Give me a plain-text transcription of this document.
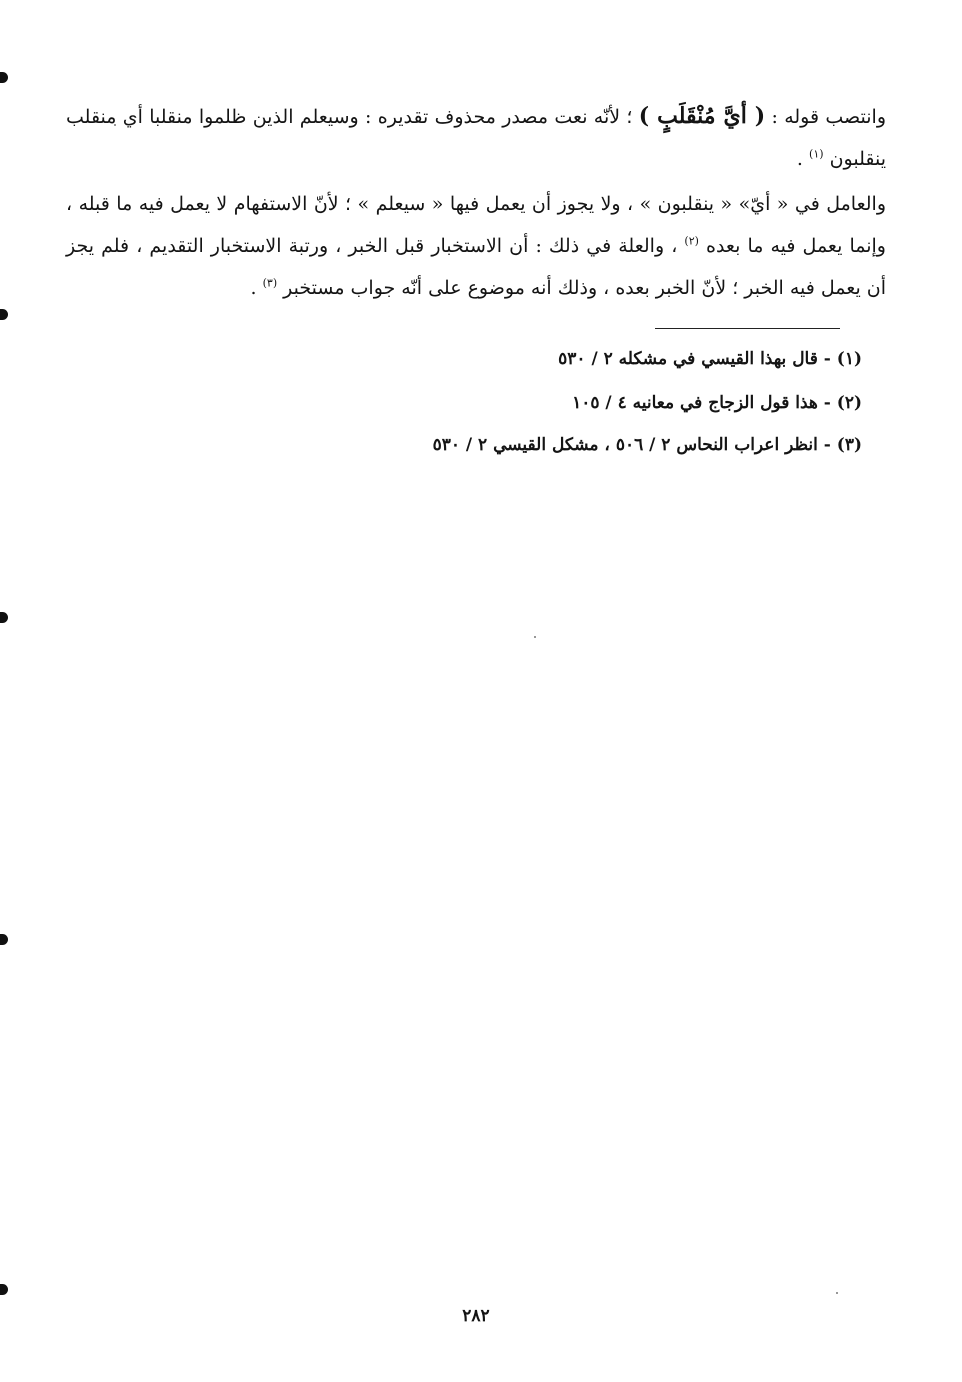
وانتصب قوله : ( أيَّ مُنْقَلَبٍ ) ؛ لأنّه نعت مصدر محذوف تقديره : وسيعلم الذين ظلموا منقلبا أي منقلب ينقلبون $^{(١)}$ .

والعامل في « أيّ» « ينقلبون » ، ولا يجوز أن يعمل فيها « سيعلم » ؛ لأنّ الاستفهام لا يعمل فيه ما قبله ، وإنما يعمل فيه ما بعده $^{(٢)}$ ، والعلة في ذلك : أن الاستخبار قبل الخبر ، ورتبة الاستخبار التقديم ، فلم يجز أن يعمل فيه الخبر ؛ لأنّ الخبر بعده ، وذلك أنه موضوع على أنّه جواب مستخبر $^{(٣)}$ .

(١) - قال بهذا القيسي في مشكله ٢ / ٥٣٠
(٢) - هذا قول الزجاج في معانيه ٤ / ١٠٥
(٣) - انظر اعراب النحاس ٢ / ٥٠٦ ، مشكل القيسي ٢ / ٥٣٠
٢٨٢
